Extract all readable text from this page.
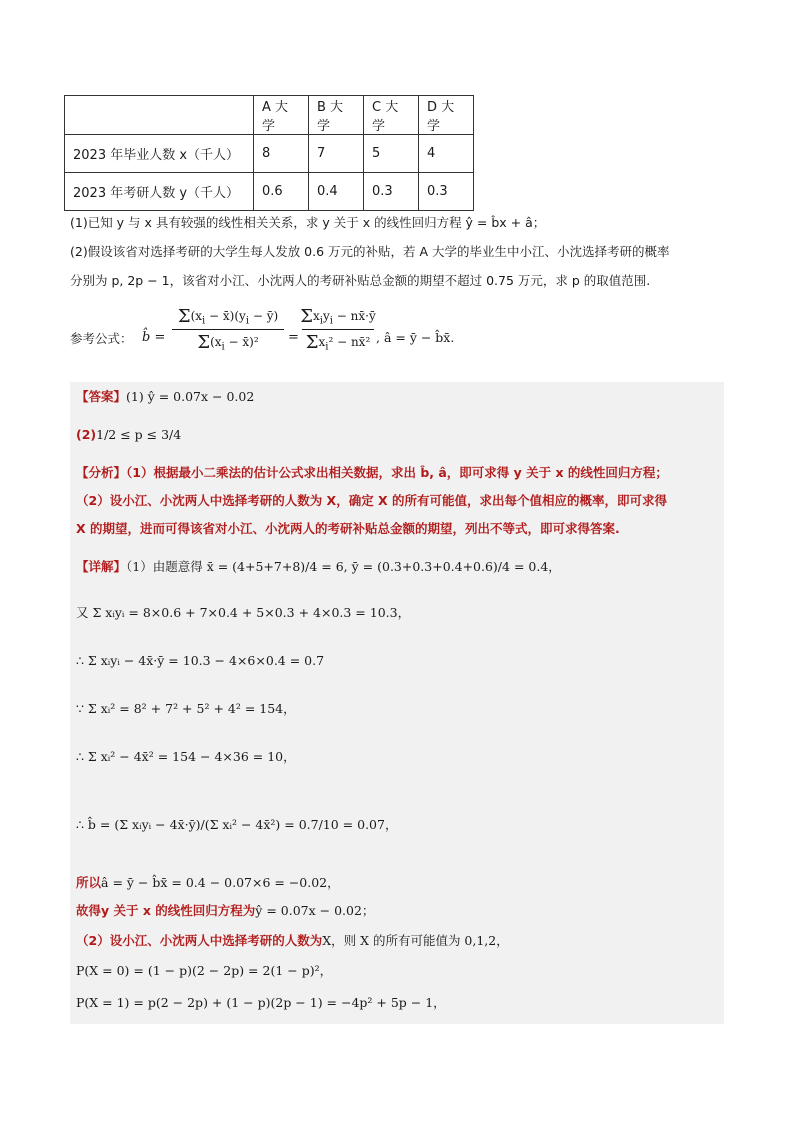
	A 大学	B 大学	C 大学	D 大学
2023 年毕业人数 x（千人）	8	7	5	4
2023 年考研人数 y（千人）	0.6	0.4	0.3	0.3
(1)已知 y 与 x 具有较强的线性相关关系，求 y 关于 x 的线性回归方程 ŷ = b̂x + â；
(2)假设该省对选择考研的大学生每人发放 0.6 万元的补贴，若 A 大学的毕业生中小江、小沈选择考研的概率
分别为 p, 2p − 1，该省对小江、小沈两人的考研补贴总金额的期望不超过 0.75 万元，求 p 的取值范围.
参考公式： b̂ =
$\Sigma(x_i$ − $x̄)(y_i$ − ȳ)
$\Sigma(x_i$ − x̄)² =
$\Sigma x_iy_i$ − nx̄·ȳ
$\Sigma x_i^2$ − nx̄² , â = ȳ − b̂x̄.
【答案】(1) ŷ = 0.07x − 0.02
(2)1/2 ≤ p ≤ 3/4
【分析】（1）根据最小二乘法的估计公式求出相关数据，求出 b̂, â，即可求得 y 关于 x 的线性回归方程；
（2）设小江、小沈两人中选择考研的人数为 X，确定 X 的所有可能值，求出每个值相应的概率，即可求得
X 的期望，进而可得该省对小江、小沈两人的考研补贴总金额的期望，列出不等式，即可求得答案.
【详解】（1）由题意得 x̄ = (4+5+7+8)/4 = 6, ȳ = (0.3+0.3+0.4+0.6)/4 = 0.4，
又 Σ xᵢyᵢ = 8×0.6 + 7×0.4 + 5×0.3 + 4×0.3 = 10.3，
∴ Σ xᵢyᵢ − 4x̄·ȳ = 10.3 − 4×6×0.4 = 0.7
∵ Σ xᵢ² = 8² + 7² + 5² + 4² = 154，
∴ Σ xᵢ² − 4x̄² = 154 − 4×36 = 10，
∴ b̂ = (Σ xᵢyᵢ − 4x̄·ȳ)/(Σ xᵢ² − 4x̄²) = 0.7/10 = 0.07，
所以â = ȳ − b̂x̄ = 0.4 − 0.07×6 = −0.02，
故得y 关于 x 的线性回归方程为ŷ = 0.07x − 0.02；
（2）设小江、小沈两人中选择考研的人数为X，则 X 的所有可能值为 0,1,2，
P(X = 0) = (1 − p)(2 − 2p) = 2(1 − p)²，
P(X = 1) = p(2 − 2p) + (1 − p)(2p − 1) = −4p² + 5p − 1，
